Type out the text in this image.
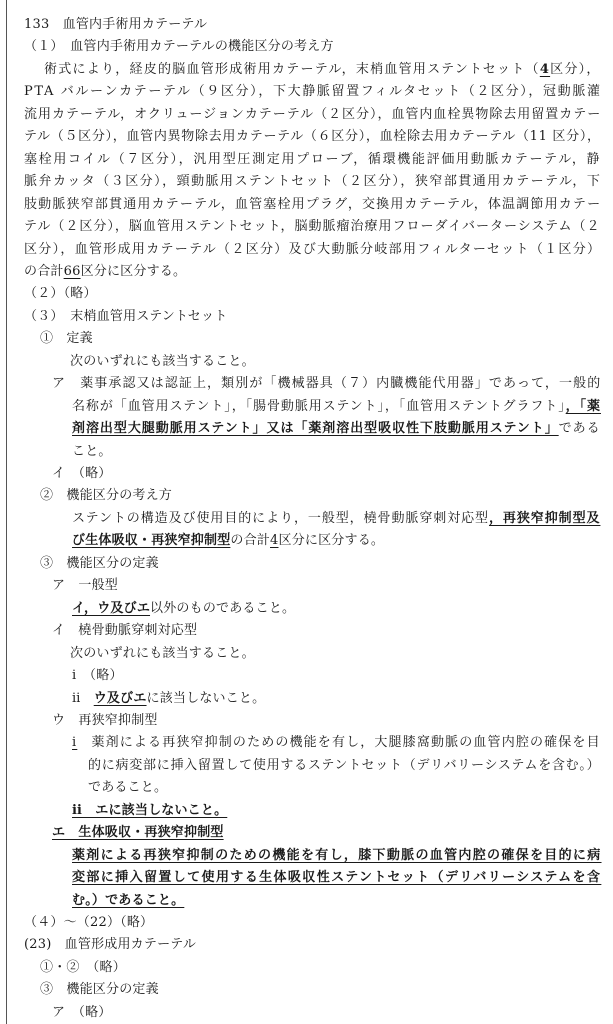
133　血管内手術用カテーテル
（１）　血管内手術用カテーテルの機能区分の考え方
術式により，経皮的脳血管形成術用カテーテル，末梢血管用ステントセット（4区分），
PTA バルーンカテーテル（９区分），下大静脈留置フィルタセット（２区分），冠動脈灌
流用カテーテル，オクリュージョンカテーテル（２区分），血管内血栓異物除去用留置カテー
テル（５区分），血管内異物除去用カテーテル（６区分），血栓除去用カテーテル（11 区分），
塞栓用コイル（７区分），汎用型圧測定用プローブ，循環機能評価用動脈カテーテル，静
脈弁カッタ（３区分），頸動脈用ステントセット（２区分），狭窄部貫通用カテーテル，下
肢動脈狭窄部貫通用カテーテル，血管塞栓用プラグ，交換用カテーテル，体温調節用カテー
テル（２区分），脳血管用ステントセット，脳動脈瘤治療用フローダイバーターシステム（２
区分），血管形成用カテーテル（２区分）及び大動脈分岐部用フィルターセット（１区分）
の合計66区分に区分する。
（２）（略）
（３）　末梢血管用ステントセット
①　定義
次のいずれにも該当すること。
ア　薬事承認又は認証上，類別が「機械器具（７）内臓機能代用器」であって，一般的
名称が「血管用ステント」，「腸骨動脈用ステント」，「血管用ステントグラフト」，「薬
剤溶出型大腿動脈用ステント」又は「薬剤溶出型吸収性下肢動脈用ステント」である
こと。
イ　（略）
②　機能区分の考え方
ステントの構造及び使用目的により，一般型，橈骨動脈穿刺対応型，再狭窄抑制型及
び生体吸収・再狭窄抑制型の合計4区分に区分する。
③　機能区分の定義
ア　一般型
イ，ウ及びエ以外のものであること。
イ　橈骨動脈穿刺対応型
次のいずれにも該当すること。
ⅰ　（略）
ⅱ　ウ及びエに該当しないこと。
ウ　再狭窄抑制型
ⅰ　薬剤による再狭窄抑制のための機能を有し，大腿膝窩動脈の血管内腔の確保を目
的に病変部に挿入留置して使用するステントセット（デリバリーシステムを含む。）
であること。
ⅱ　エに該当しないこと。
エ　生体吸収・再狭窄抑制型
薬剤による再狭窄抑制のための機能を有し，膝下動脈の血管内腔の確保を目的に病
変部に挿入留置して使用する生体吸収性ステントセット（デリバリーシステムを含
む。）であること。
（４）～（22）（略）
(23)　血管形成用カテーテル
①・②　（略）
③　機能区分の定義
ア　（略）
